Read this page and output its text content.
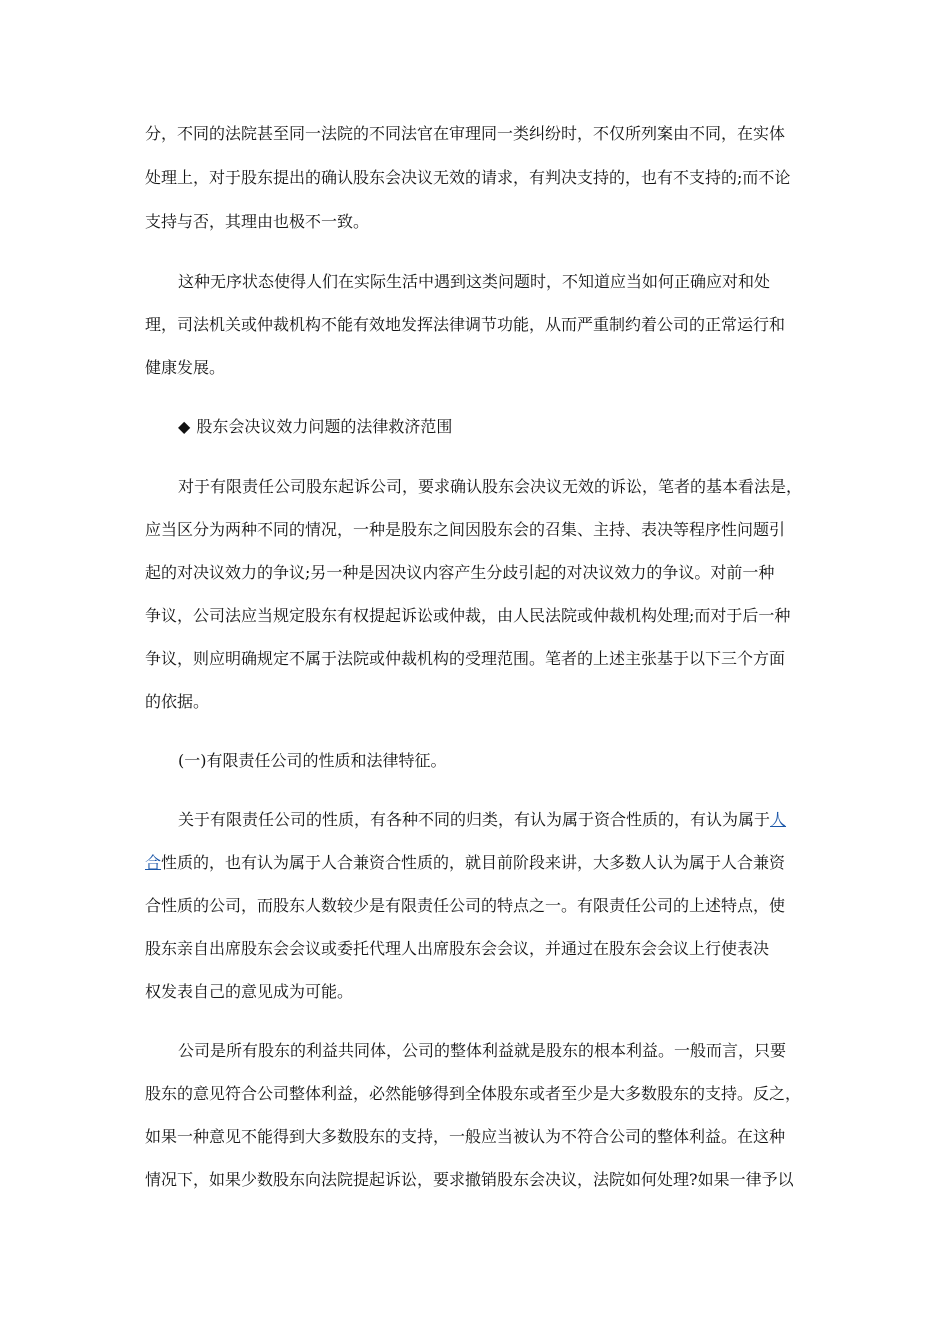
分，不同的法院甚至同一法院的不同法官在审理同一类纠纷时，不仅所列案由不同，在实体
处理上，对于股东提出的确认股东会决议无效的请求，有判决支持的，也有不支持的;而不论
支持与否，其理由也极不一致。
这种无序状态使得人们在实际生活中遇到这类问题时，不知道应当如何正确应对和处
理，司法机关或仲裁机构不能有效地发挥法律调节功能，从而严重制约着公司的正常运行和
健康发展。
◆ 股东会决议效力问题的法律救济范围
对于有限责任公司股东起诉公司，要求确认股东会决议无效的诉讼，笔者的基本看法是，
应当区分为两种不同的情况，一种是股东之间因股东会的召集、主持、表决等程序性问题引
起的对决议效力的争议;另一种是因决议内容产生分歧引起的对决议效力的争议。对前一种
争议，公司法应当规定股东有权提起诉讼或仲裁，由人民法院或仲裁机构处理;而对于后一种
争议，则应明确规定不属于法院或仲裁机构的受理范围。笔者的上述主张基于以下三个方面
的依据。
(一)有限责任公司的性质和法律特征。
关于有限责任公司的性质，有各种不同的归类，有认为属于资合性质的，有认为属于人
合性质的，也有认为属于人合兼资合性质的，就目前阶段来讲，大多数人认为属于人合兼资
合性质的公司，而股东人数较少是有限责任公司的特点之一。有限责任公司的上述特点，使
股东亲自出席股东会会议或委托代理人出席股东会会议，并通过在股东会会议上行使表决
权发表自己的意见成为可能。
公司是所有股东的利益共同体，公司的整体利益就是股东的根本利益。一般而言，只要
股东的意见符合公司整体利益，必然能够得到全体股东或者至少是大多数股东的支持。反之，
如果一种意见不能得到大多数股东的支持，一般应当被认为不符合公司的整体利益。在这种
情况下，如果少数股东向法院提起诉讼，要求撤销股东会决议，法院如何处理?如果一律予以
